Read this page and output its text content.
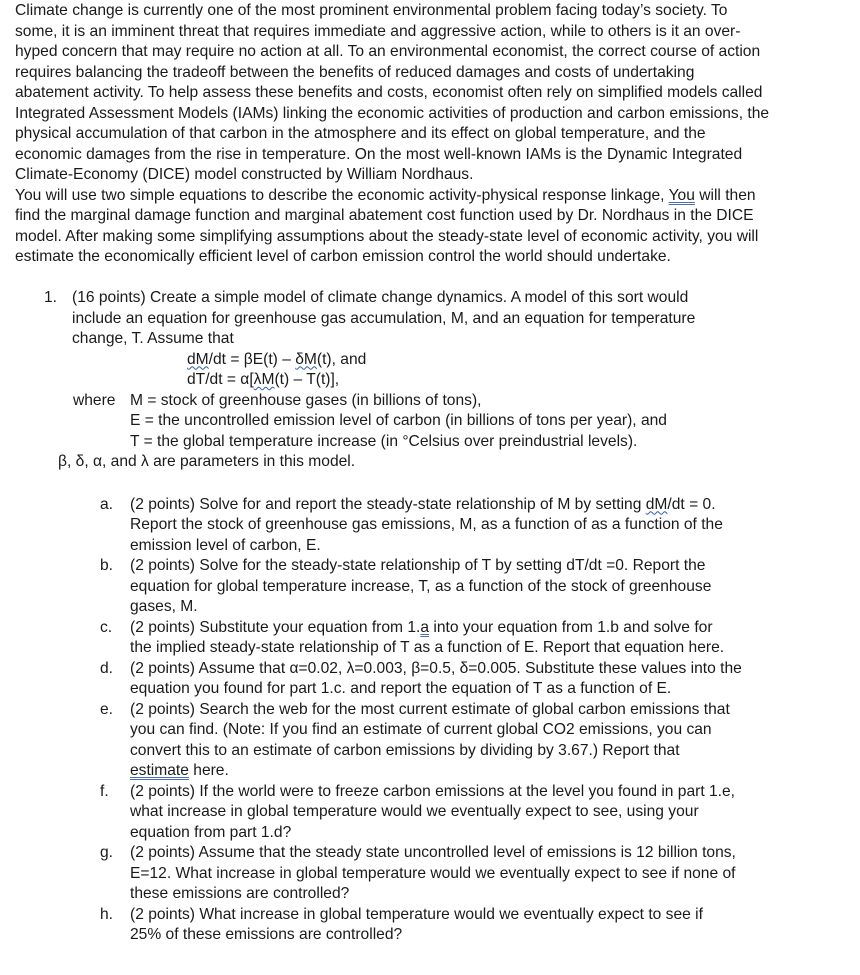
Climate change is currently one of the most prominent environmental problem facing today’s society. To
some, it is an imminent threat that requires immediate and aggressive action, while to others is it an over-
hyped concern that may require no action at all. To an environmental economist, the correct course of action
requires balancing the tradeoff between the benefits of reduced damages and costs of undertaking
abatement activity. To help assess these benefits and costs, economist often rely on simplified models called
Integrated Assessment Models (IAMs) linking the economic activities of production and carbon emissions, the
physical accumulation of that carbon in the atmosphere and its effect on global temperature, and the
economic damages from the rise in temperature. On the most well-known IAMs is the Dynamic Integrated
Climate-Economy (DICE) model constructed by William Nordhaus.

You will use two simple equations to describe the economic activity-physical response linkage, You will then
find the marginal damage function and marginal abatement cost function used by Dr. Nordhaus in the DICE
model. After making some simplifying assumptions about the steady-state level of economic activity, you will
estimate the economically efficient level of carbon emission control the world should undertake.

1. (16 points) Create a simple model of climate change dynamics. A model of this sort would
include an equation for greenhouse gas accumulation, M, and an equation for temperature
change, T. Assume that
dM/dt = βE(t) – δM(t), and
dT/dt = α[λM(t) – T(t)],
where M = stock of greenhouse gases (in billions of tons),
E = the uncontrolled emission level of carbon (in billions of tons per year), and
T = the global temperature increase (in °Celsius over preindustrial levels).
β, δ, α, and λ are parameters in this model.
a.	(2 points) Solve for and report the steady-state relationship of M by setting dM/dt = 0.
Report the stock of greenhouse gas emissions, M, as a function of as a function of the
emission level of carbon, E.
b.	(2 points) Solve for the steady-state relationship of T by setting dT/dt =0. Report the
equation for global temperature increase, T, as a function of the stock of greenhouse
gases, M.
c.	(2 points) Substitute your equation from 1.a into your equation from 1.b and solve for
the implied steady-state relationship of T as a function of E. Report that equation here.
d.	(2 points) Assume that α=0.02, λ=0.003, β=0.5, δ=0.005. Substitute these values into the
equation you found for part 1.c. and report the equation of T as a function of E.
e.	(2 points) Search the web for the most current estimate of global carbon emissions that
you can find. (Note: If you find an estimate of current global CO2 emissions, you can
convert this to an estimate of carbon emissions by dividing by 3.67.) Report that
estimate here.
f.	(2 points) If the world were to freeze carbon emissions at the level you found in part 1.e,
what increase in global temperature would we eventually expect to see, using your
equation from part 1.d?
g.	(2 points) Assume that the steady state uncontrolled level of emissions is 12 billion tons,
E=12. What increase in global temperature would we eventually expect to see if none of
these emissions are controlled?
h.	(2 points) What increase in global temperature would we eventually expect to see if
25% of these emissions are controlled?
